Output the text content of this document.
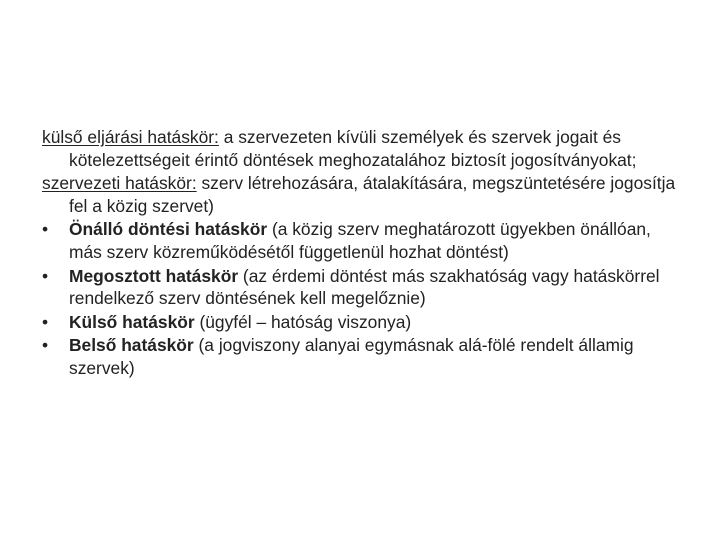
külső eljárási hatáskör: a szervezeten kívüli személyek és szervek jogait és kötelezettségeit érintő döntések meghozatalához biztosít jogosítványokat;

szervezeti hatáskör: szerv létrehozására, átalakítására, megszüntetésére jogosítja fel a közig szervet)

•	Önálló döntési hatáskör (a közig szerv meghatározott ügyekben önállóan, más szerv közreműködésétől függetlenül hozhat döntést)
•	Megosztott hatáskör (az érdemi döntést más szakhatóság vagy hatáskörrel rendelkező szerv döntésének kell megelőznie)
•	Külső hatáskör (ügyfél – hatóság viszonya)
•	Belső hatáskör (a jogviszony alanyai egymásnak alá-fölé rendelt államig szervek)
